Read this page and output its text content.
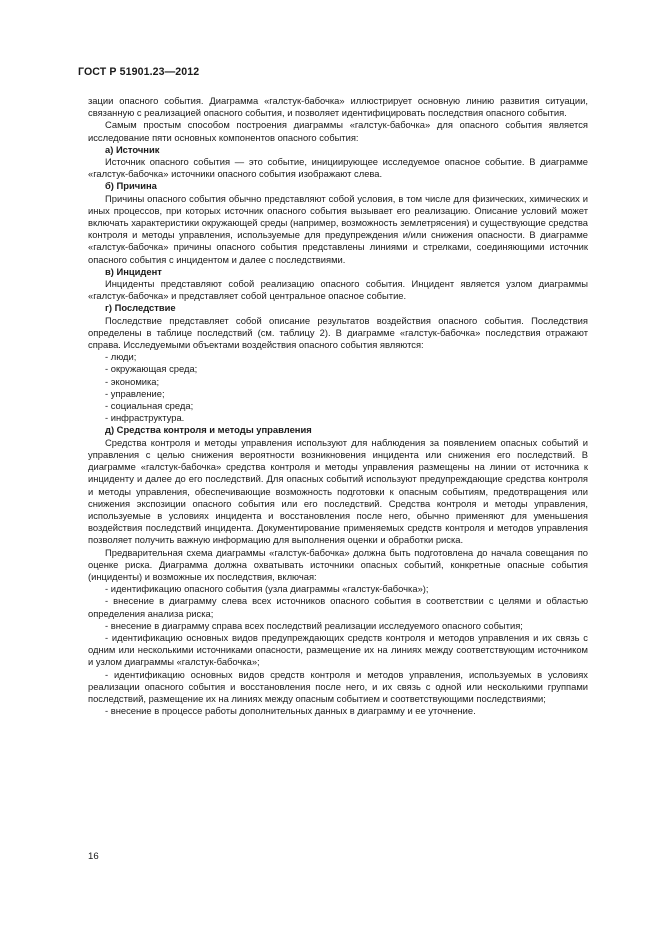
ГОСТ Р 51901.23—2012

зации опасного события. Диаграмма «галстук-бабочка» иллюстрирует основную линию развития ситуации, связанную с реализацией опасного события, и позволяет идентифицировать последствия опасного события.

Самым простым способом построения диаграммы «галстук-бабочка» для опасного события является исследование пяти основных компонентов опасного события:

а) Источник

Источник опасного события — это событие, инициирующее исследуемое опасное событие. В диаграмме «галстук-бабочка» источники опасного события изображают слева.

б) Причина

Причины опасного события обычно представляют собой условия, в том числе для физических, химических и иных процессов, при которых источник опасного события вызывает его реализацию. Описание условий может включать характеристики окружающей среды (например, возможность землетрясения) и существующие средства контроля и методы управления, используемые для предупреждения и/или снижения опасности. В диаграмме «галстук-бабочка» причины опасного события представлены линиями и стрелками, соединяющими источник опасного события с инцидентом и далее с последствиями.

в) Инцидент

Инциденты представляют собой реализацию опасного события. Инцидент является узлом диаграммы «галстук-бабочка» и представляет собой центральное опасное событие.

г) Последствие

Последствие представляет собой описание результатов воздействия опасного события. Последствия определены в таблице последствий (см. таблицу 2). В диаграмме «галстук-бабочка» последствия отражают справа. Исследуемыми объектами воздействия опасного события являются:

- люди;

- окружающая среда;

- экономика;

- управление;

- социальная среда;

- инфраструктура.

д) Средства контроля и методы управления

Средства контроля и методы управления используют для наблюдения за появлением опасных событий и управления с целью снижения вероятности возникновения инцидента или снижения его последствий. В диаграмме «галстук-бабочка» средства контроля и методы управления размещены на линии от источника к инциденту и далее до его последствий. Для опасных событий используют предупреждающие средства контроля и методы управления, обеспечивающие возможность подготовки к опасным событиям, предотвращения или снижения экспозиции опасного события или его последствий. Средства контроля и методы управления, используемые в условиях инцидента и восстановления после него, обычно применяют для уменьшения воздействия последствий инцидента. Документирование применяемых средств контроля и методов управления позволяет получить важную информацию для выполнения оценки и обработки риска.

Предварительная схема диаграммы «галстук-бабочка» должна быть подготовлена до начала совещания по оценке риска. Диаграмма должна охватывать источники опасных событий, конкретные опасные события (инциденты) и возможные их последствия, включая:

- идентификацию опасного события (узла диаграммы «галстук-бабочка»);

- внесение в диаграмму слева всех источников опасного события в соответствии с целями и областью определения анализа риска;

- внесение в диаграмму справа всех последствий реализации исследуемого опасного события;

- идентификацию основных видов предупреждающих средств контроля и методов управления и их связь с одним или несколькими источниками опасности, размещение их на линиях между соответствующим источником и узлом диаграммы «галстук-бабочка»;

- идентификацию основных видов средств контроля и методов управления, используемых в условиях реализации опасного события и восстановления после него, и их связь с одной или несколькими группами последствий, размещение их на линиях между опасным событием и соответствующими последствиями;

- внесение в процессе работы дополнительных данных в диаграмму и ее уточнение.

16
